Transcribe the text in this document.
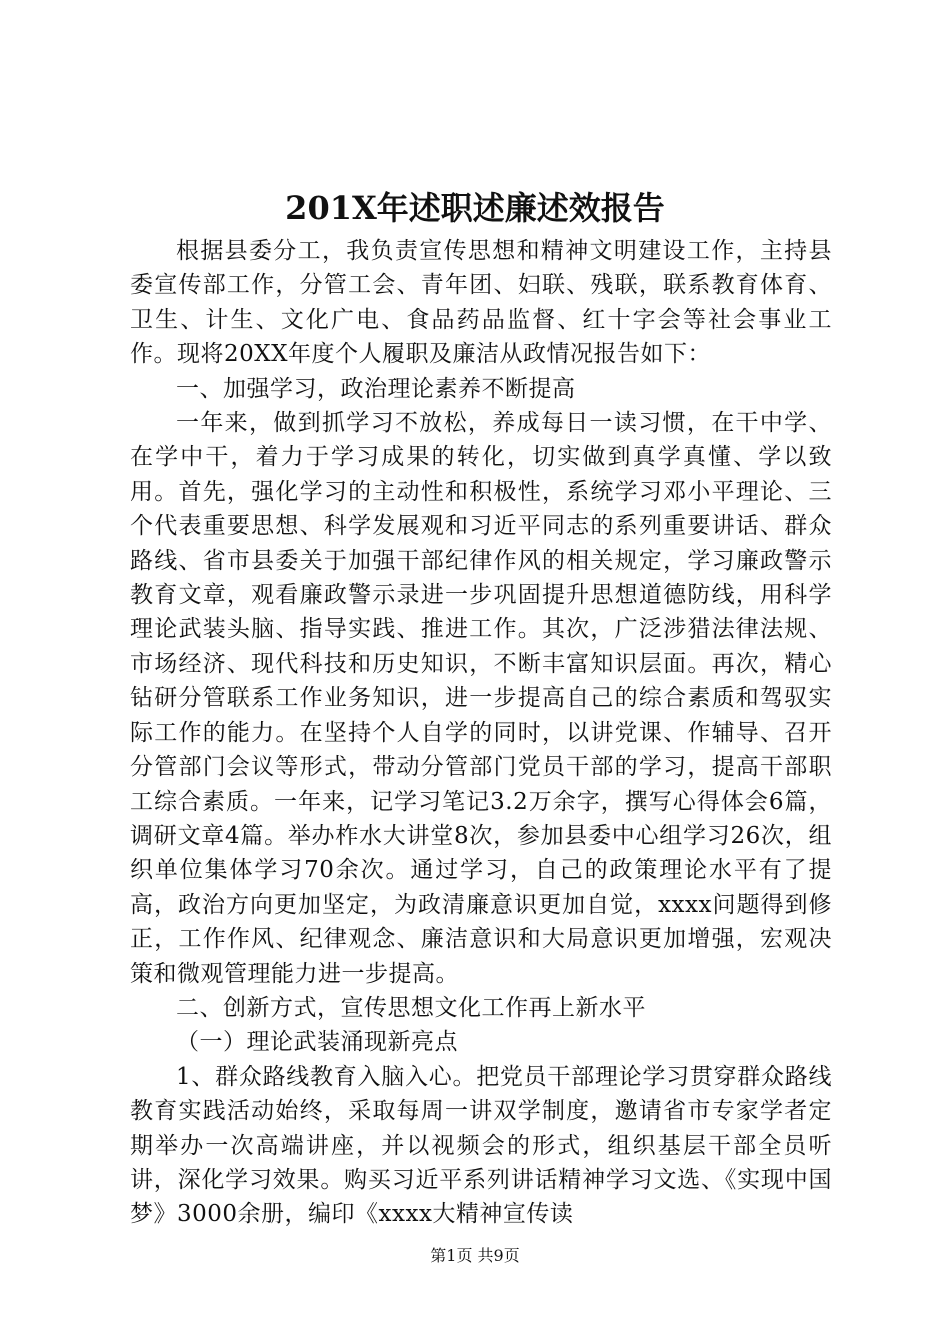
201X年述职述廉述效报告

根据县委分工，我负责宣传思想和精神文明建设工作，主持县委宣传部工作，分管工会、青年团、妇联、残联，联系教育体育、卫生、计生、文化广电、食品药品监督、红十字会等社会事业工作。现将20XX年度个人履职及廉洁从政情况报告如下：

一、加强学习，政治理论素养不断提高

一年来，做到抓学习不放松，养成每日一读习惯，在干中学、在学中干，着力于学习成果的转化，切实做到真学真懂、学以致用。首先，强化学习的主动性和积极性，系统学习邓小平理论、三个代表重要思想、科学发展观和习近平同志的系列重要讲话、群众路线、省市县委关于加强干部纪律作风的相关规定，学习廉政警示教育文章，观看廉政警示录进一步巩固提升思想道德防线，用科学理论武装头脑、指导实践、推进工作。其次，广泛涉猎法律法规、市场经济、现代科技和历史知识，不断丰富知识层面。再次，精心钻研分管联系工作业务知识，进一步提高自己的综合素质和驾驭实际工作的能力。在坚持个人自学的同时，以讲党课、作辅导、召开分管部门会议等形式，带动分管部门党员干部的学习，提高干部职工综合素质。一年来，记学习笔记3.2万余字，撰写心得体会6篇，调研文章4篇。举办柞水大讲堂8次，参加县委中心组学习26次，组织单位集体学习70余次。通过学习，自己的政策理论水平有了提高，政治方向更加坚定，为政清廉意识更加自觉，xxxx问题得到修正，工作作风、纪律观念、廉洁意识和大局意识更加增强，宏观决策和微观管理能力进一步提高。

二、创新方式，宣传思想文化工作再上新水平

（一）理论武装涌现新亮点

1、群众路线教育入脑入心。把党员干部理论学习贯穿群众路线教育实践活动始终，采取每周一讲双学制度，邀请省市专家学者定期举办一次高端讲座，并以视频会的形式，组织基层干部全员听讲，深化学习效果。购买习近平系列讲话精神学习文选、《实现中国梦》3000余册，编印《xxxx大精神宣传读

第1页 共9页
